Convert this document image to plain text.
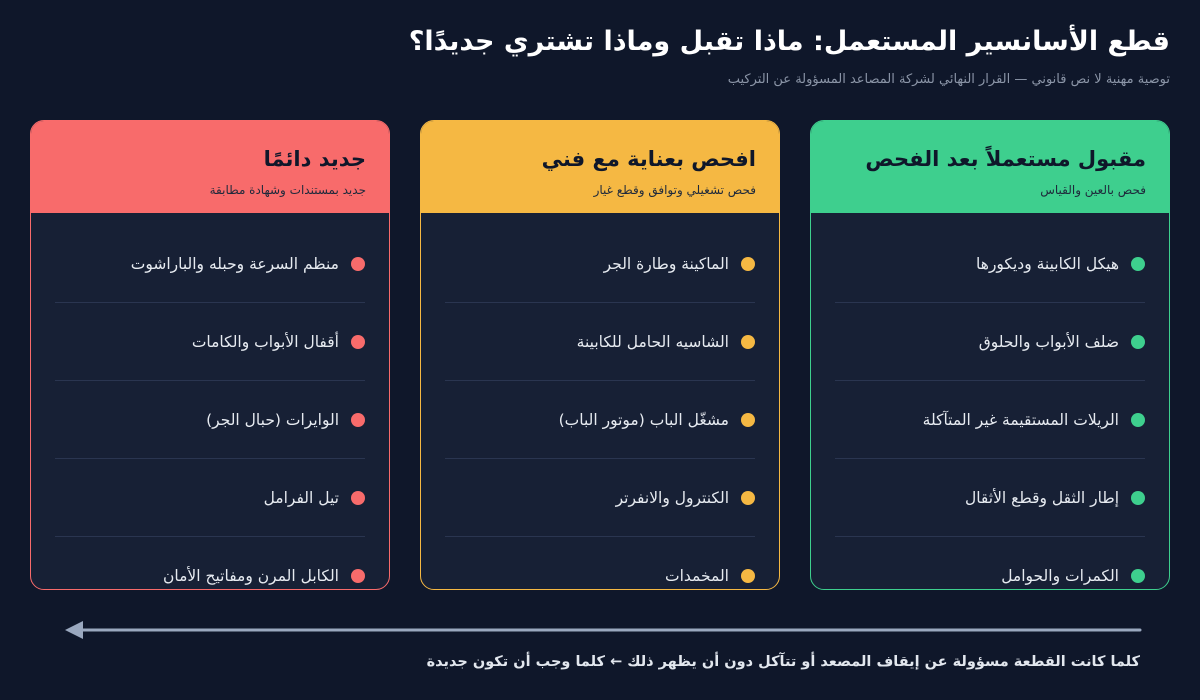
قطع الأسانسير المستعمل: ماذا تقبل وماذا تشتري جديدًا؟

توصية مهنية لا نص قانوني — القرار النهائي لشركة المصاعد المسؤولة عن التركيب

مقبول مستعملاً بعد الفحص
فحص بالعين والقياس
هيكل الكابينة وديكورها
ضلف الأبواب والحلوق
الريلات المستقيمة غير المتآكلة
إطار الثقل وقطع الأثقال
الكمرات والحوامل
افحص بعناية مع فني
فحص تشغيلي وتوافق وقطع غيار
الماكينة وطارة الجر
الشاسيه الحامل للكابينة
مشغّل الباب (موتور الباب)
الكنترول والانفرتر
المخمدات
جديد دائمًا
جديد بمستندات وشهادة مطابقة
منظم السرعة وحبله والباراشوت
أقفال الأبواب والكامات
الوايرات (حبال الجر)
تيل الفرامل
الكابل المرن ومفاتيح الأمان
كلما كانت القطعة مسؤولة عن إيقاف المصعد أو تتآكل دون أن يظهر ذلك ← كلما وجب أن تكون جديدة
